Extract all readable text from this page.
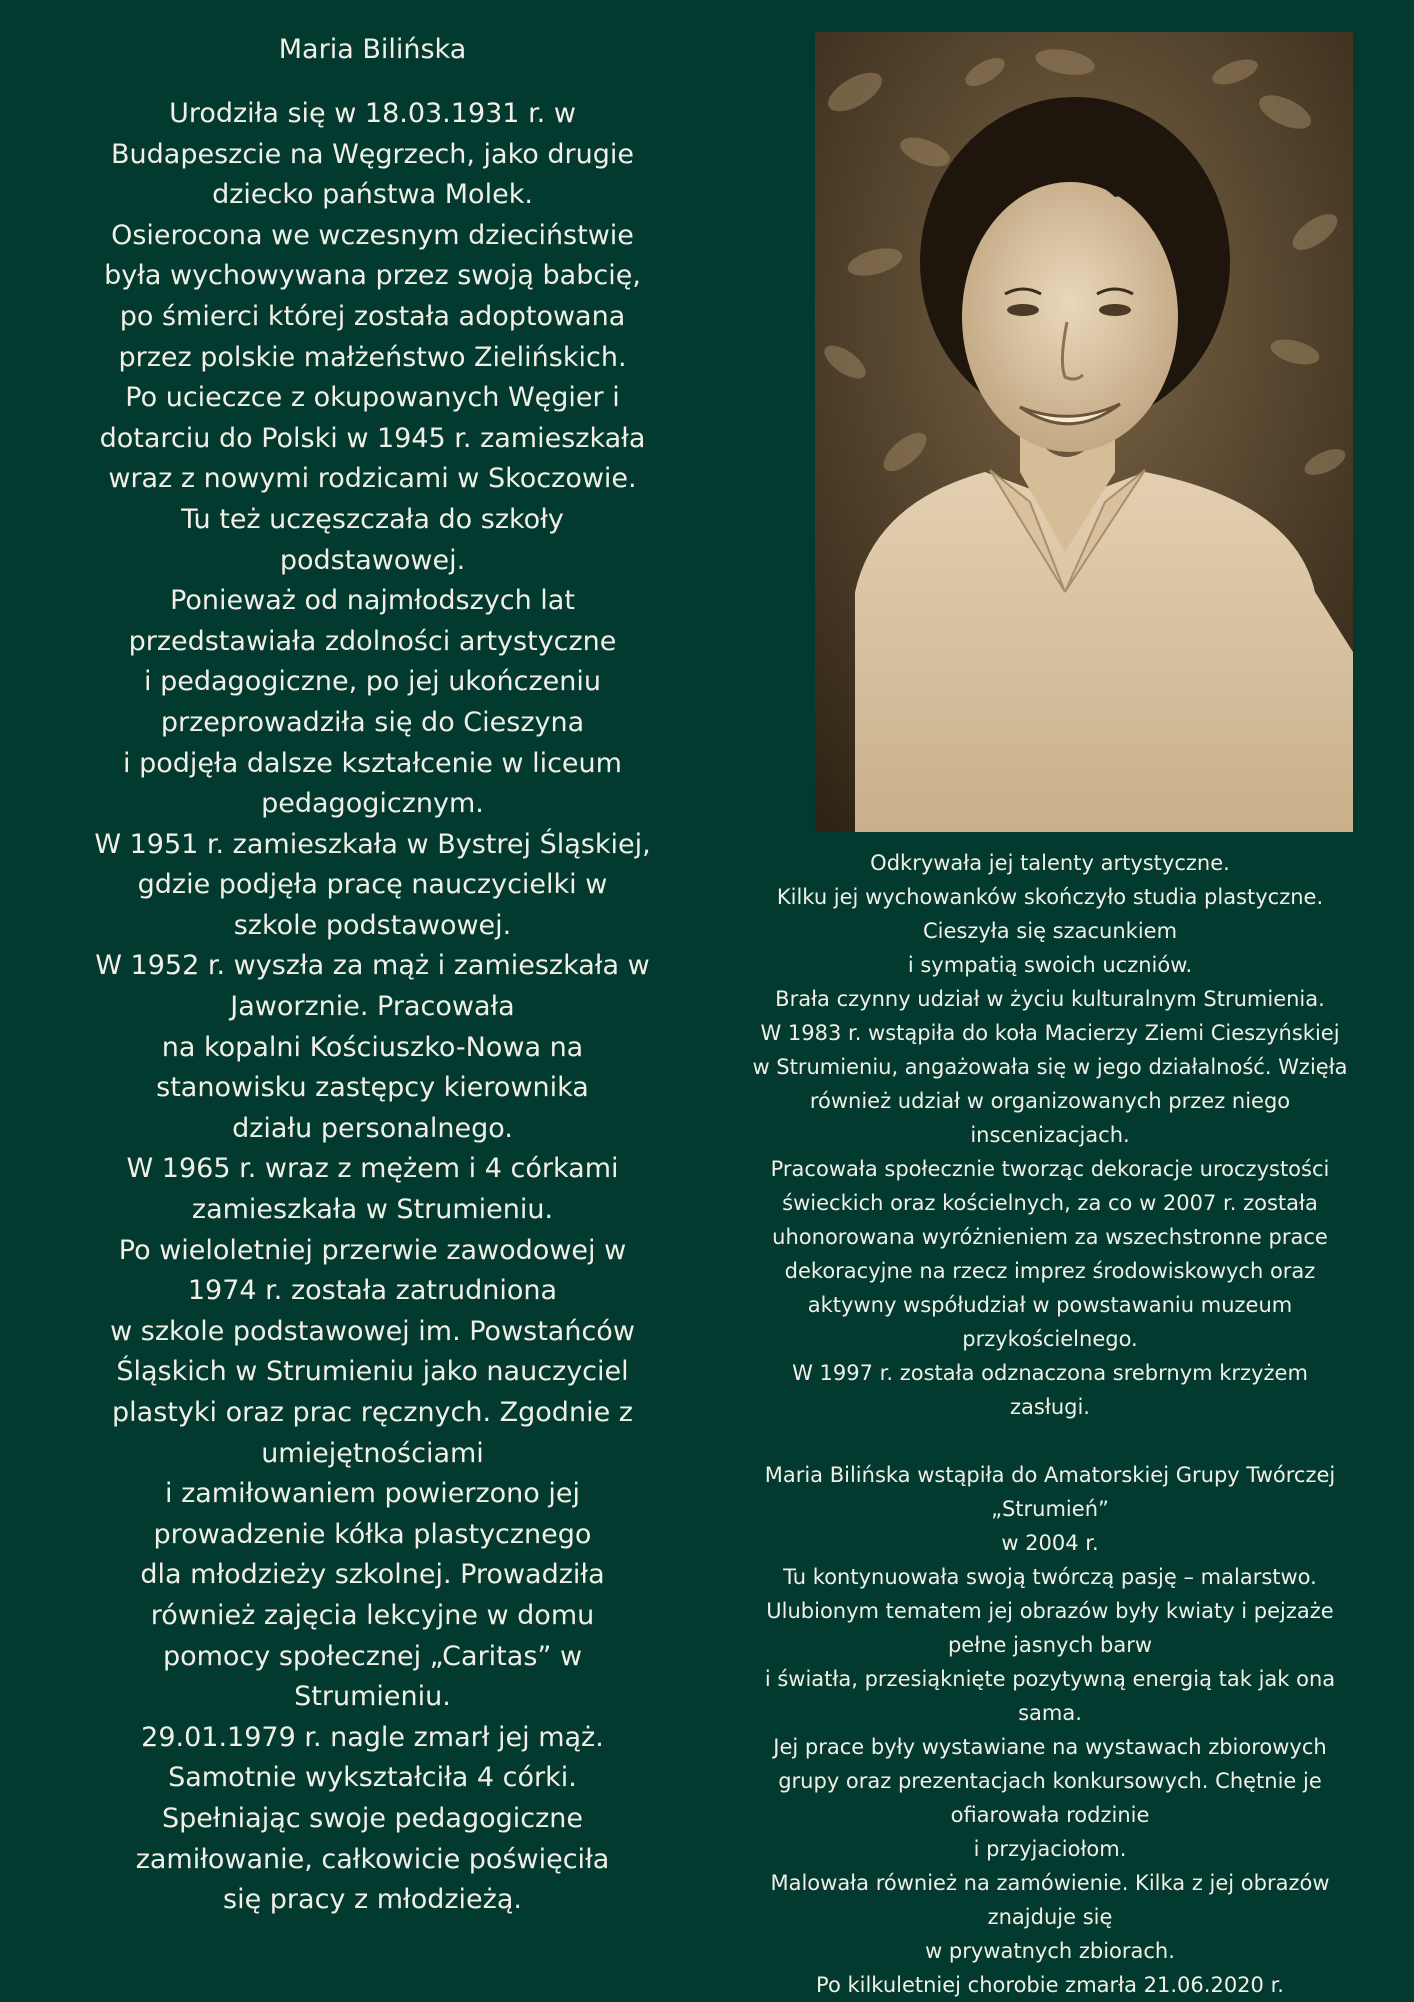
Maria Bilińska
Urodziła się w 18.03.1931 r. w
Budapeszcie na Węgrzech, jako drugie
dziecko państwa Molek.
Osierocona we wczesnym dzieciństwie
była wychowywana przez swoją babcię,
po śmierci której została adoptowana
przez polskie małżeństwo Zielińskich.
Po ucieczce z okupowanych Węgier i
dotarciu do Polski w 1945 r. zamieszkała
wraz z nowymi rodzicami w Skoczowie.
Tu też uczęszczała do szkoły
podstawowej.
Ponieważ od najmłodszych lat
przedstawiała zdolności artystyczne
i pedagogiczne, po jej ukończeniu
przeprowadziła się do Cieszyna
i podjęła dalsze kształcenie w liceum
pedagogicznym.
W 1951 r. zamieszkała w Bystrej Śląskiej,
gdzie podjęła pracę nauczycielki w
szkole podstawowej.
W 1952 r. wyszła za mąż i zamieszkała w
Jaworznie. Pracowała
na kopalni Kościuszko-Nowa na
stanowisku zastępcy kierownika
działu personalnego.
W 1965 r. wraz z mężem i 4 córkami
zamieszkała w Strumieniu.
Po wieloletniej przerwie zawodowej w
1974 r. została zatrudniona
w szkole podstawowej im. Powstańców
Śląskich w Strumieniu jako nauczyciel
plastyki oraz prac ręcznych. Zgodnie z
umiejętnościami
i zamiłowaniem powierzono jej
prowadzenie kółka plastycznego
dla młodzieży szkolnej. Prowadziła
również zajęcia lekcyjne w domu
pomocy społecznej „Caritas” w
Strumieniu.
29.01.1979 r. nagle zmarł jej mąż.
Samotnie wykształciła 4 córki.
Spełniając swoje pedagogiczne
zamiłowanie, całkowicie poświęciła
się pracy z młodzieżą.
Odkrywała jej talenty artystyczne.
Kilku jej wychowanków skończyło studia plastyczne.
Cieszyła się szacunkiem
i sympatią swoich uczniów.
Brała czynny udział w życiu kulturalnym Strumienia.
W 1983 r. wstąpiła do koła Macierzy Ziemi Cieszyńskiej
w Strumieniu, angażowała się w jego działalność. Wzięła
również udział w organizowanych przez niego
inscenizacjach.
Pracowała społecznie tworząc dekoracje uroczystości
świeckich oraz kościelnych, za co w 2007 r. została
uhonorowana wyróżnieniem za wszechstronne prace
dekoracyjne na rzecz imprez środowiskowych oraz
aktywny współudział w powstawaniu muzeum
przykościelnego.
W 1997 r. została odznaczona srebrnym krzyżem
zasługi.
Maria Bilińska wstąpiła do Amatorskiej Grupy Twórczej
„Strumień”
w 2004 r.
Tu kontynuowała swoją twórczą pasję – malarstwo.
Ulubionym tematem jej obrazów były kwiaty i pejzaże
pełne jasnych barw
i światła, przesiąknięte pozytywną energią tak jak ona
sama.
Jej prace były wystawiane na wystawach zbiorowych
grupy oraz prezentacjach konkursowych. Chętnie je
ofiarowała rodzinie
i przyjaciołom.
Malowała również na zamówienie. Kilka z jej obrazów
znajduje się
w prywatnych zbiorach.
Po kilkuletniej chorobie zmarła 21.06.2020 r.
